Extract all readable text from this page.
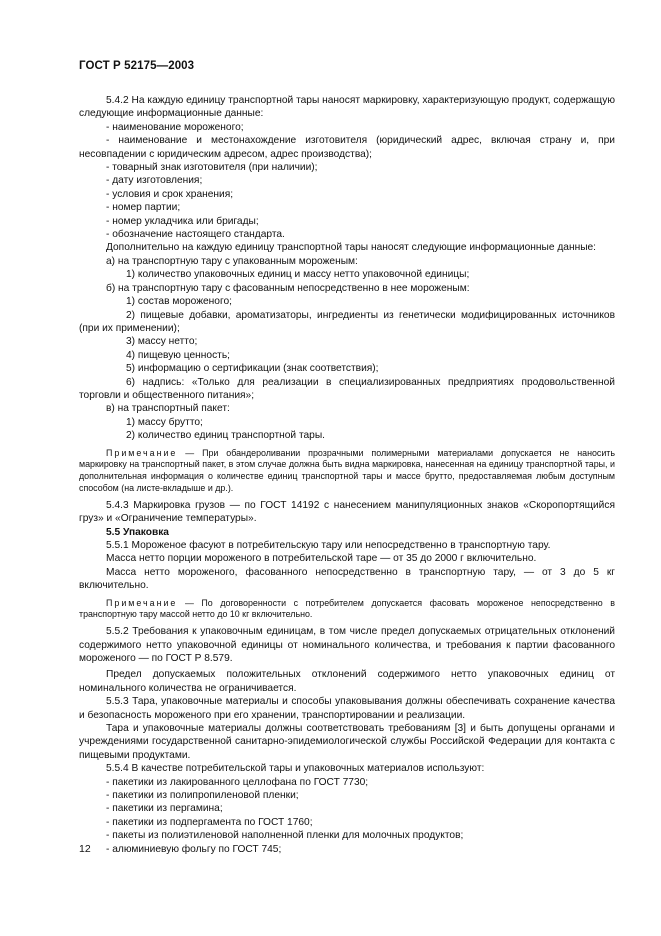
ГОСТ Р 52175—2003

5.4.2 На каждую единицу транспортной тары наносят маркировку, характеризующую продукт, содержащую следующие информационные данные:

- наименование мороженого;

- наименование и местонахождение изготовителя (юридический адрес, включая страну и, при несовпадении с юридическим адресом, адрес производства);

- товарный знак изготовителя (при наличии);

- дату изготовления;

- условия и срок хранения;

- номер партии;

- номер укладчика или бригады;

- обозначение настоящего стандарта.

Дополнительно на каждую единицу транспортной тары наносят следующие информационные данные:

а) на транспортную тару с упакованным мороженым:

1) количество упаковочных единиц и массу нетто упаковочной единицы;

б) на транспортную тару с фасованным непосредственно в нее мороженым:

1) состав мороженого;

2) пищевые добавки, ароматизаторы, ингредиенты из генетически модифицированных источников (при их применении);

3) массу нетто;

4) пищевую ценность;

5) информацию о сертификации (знак соответствия);

6) надпись: «Только для реализации в специализированных предприятиях продовольственной торговли и общественного питания»;

в) на транспортный пакет:

1) массу брутто;

2) количество единиц транспортной тары.

Примечание — При обандероливании прозрачными полимерными материалами допускается не наносить маркировку на транспортный пакет, в этом случае должна быть видна маркировка, нанесенная на единицу транспортной тары, и дополнительная информация о количестве единиц транспортной тары и массе брутто, предоставляемая любым доступным способом (на листе-вкладыше и др.).

5.4.3 Маркировка грузов — по ГОСТ 14192 с нанесением манипуляционных знаков «Скоропортящийся груз» и «Ограничение температуры».

5.5 Упаковка

5.5.1 Мороженое фасуют в потребительскую тару или непосредственно в транспортную тару.

Масса нетто порции мороженого в потребительской таре — от 35 до 2000 г включительно.

Масса нетто мороженого, фасованного непосредственно в транспортную тару, — от 3 до 5 кг включительно.

Примечание — По договоренности с потребителем допускается фасовать мороженое непосредственно в транспортную тару массой нетто до 10 кг включительно.

5.5.2 Требования к упаковочным единицам, в том числе предел допускаемых отрицательных отклонений содержимого нетто упаковочной единицы от номинального количества, и требования к партии фасованного мороженого — по ГОСТ Р 8.579.

Предел допускаемых положительных отклонений содержимого нетто упаковочных единиц от номинального количества не ограничивается.

5.5.3 Тара, упаковочные материалы и способы упаковывания должны обеспечивать сохранение качества и безопасность мороженого при его хранении, транспортировании и реализации.

Тара и упаковочные материалы должны соответствовать требованиям [3] и быть допущены органами и учреждениями государственной санитарно-эпидемиологической службы Российской Федерации для контакта с пищевыми продуктами.

5.5.4 В качестве потребительской тары и упаковочных материалов используют:

- пакетики из лакированного целлофана по ГОСТ 7730;

- пакетики из полипропиленовой пленки;

- пакетики из пергамина;

- пакетики из подпергамента по ГОСТ 1760;

- пакеты из полиэтиленовой наполненной пленки для молочных продуктов;

- алюминиевую фольгу по ГОСТ 745;

12
